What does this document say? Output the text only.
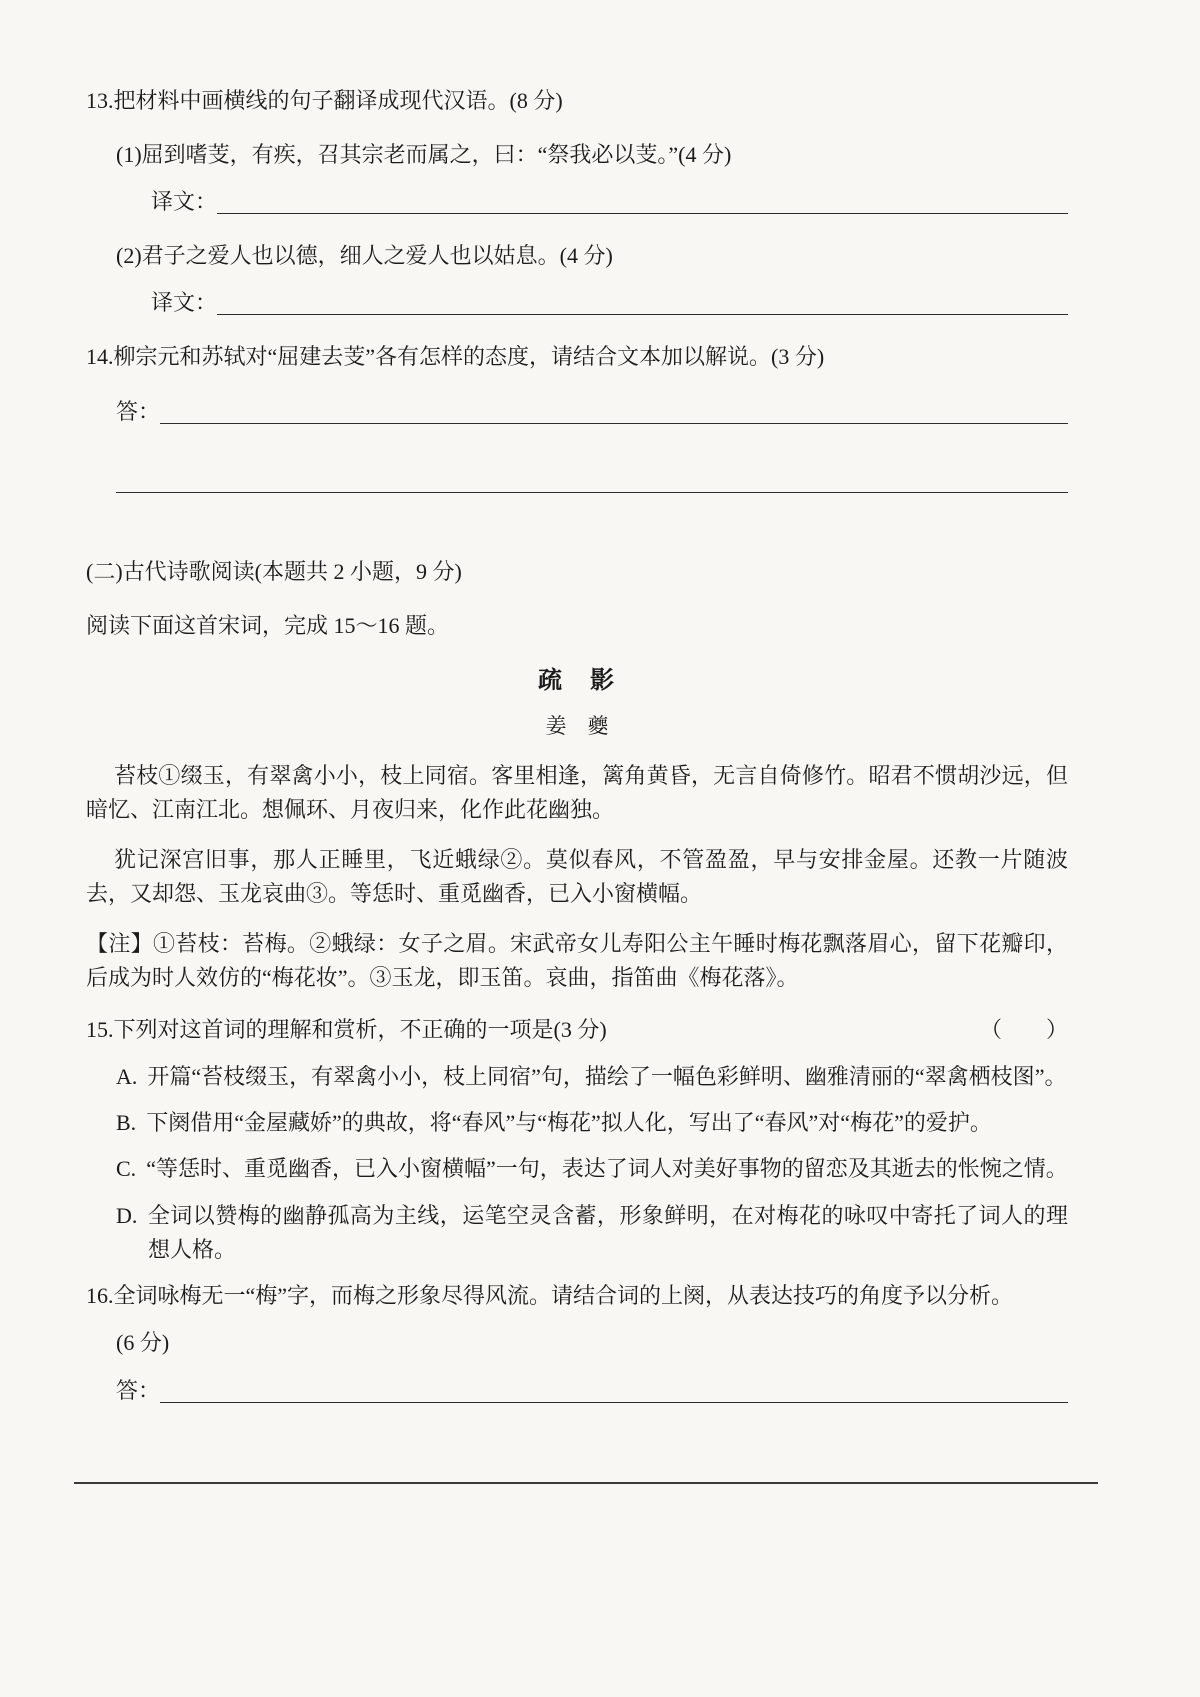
13.把材料中画横线的句子翻译成现代汉语。(8 分)

(1)屈到嗜芰，有疾，召其宗老而属之，曰：“祭我必以芰。”(4 分)

译文：

(2)君子之爱人也以德，细人之爱人也以姑息。(4 分)

译文：

14.柳宗元和苏轼对“屈建去芰”各有怎样的态度，请结合文本加以解说。(3 分)

答：

(二)古代诗歌阅读(本题共 2 小题，9 分)

阅读下面这首宋词，完成 15～16 题。

疏　影

姜　夔

苔枝①缀玉，有翠禽小小，枝上同宿。客里相逢，篱角黄昏，无言自倚修竹。昭君不惯胡沙远，但暗忆、江南江北。想佩环、月夜归来，化作此花幽独。

犹记深宫旧事，那人正睡里，飞近蛾绿②。莫似春风，不管盈盈，早与安排金屋。还教一片随波去，又却怨、玉龙哀曲③。等恁时、重觅幽香，已入小窗横幅。

【注】①苔枝：苔梅。②蛾绿：女子之眉。宋武帝女儿寿阳公主午睡时梅花飘落眉心，留下花瓣印，后成为时人效仿的“梅花妆”。③玉龙，即玉笛。哀曲，指笛曲《梅花落》。

15.下列对这首词的理解和赏析，不正确的一项是(3 分)	（　　）

A. 开篇“苔枝缀玉，有翠禽小小，枝上同宿”句，描绘了一幅色彩鲜明、幽雅清丽的“翠禽栖枝图”。

B. 下阕借用“金屋藏娇”的典故，将“春风”与“梅花”拟人化，写出了“春风”对“梅花”的爱护。

C. “等恁时、重觅幽香，已入小窗横幅”一句，表达了词人对美好事物的留恋及其逝去的怅惋之情。

D. 全词以赞梅的幽静孤高为主线，运笔空灵含蓄，形象鲜明，在对梅花的咏叹中寄托了词人的理想人格。

16.全词咏梅无一“梅”字，而梅之形象尽得风流。请结合词的上阕，从表达技巧的角度予以分析。

(6 分)

答：
